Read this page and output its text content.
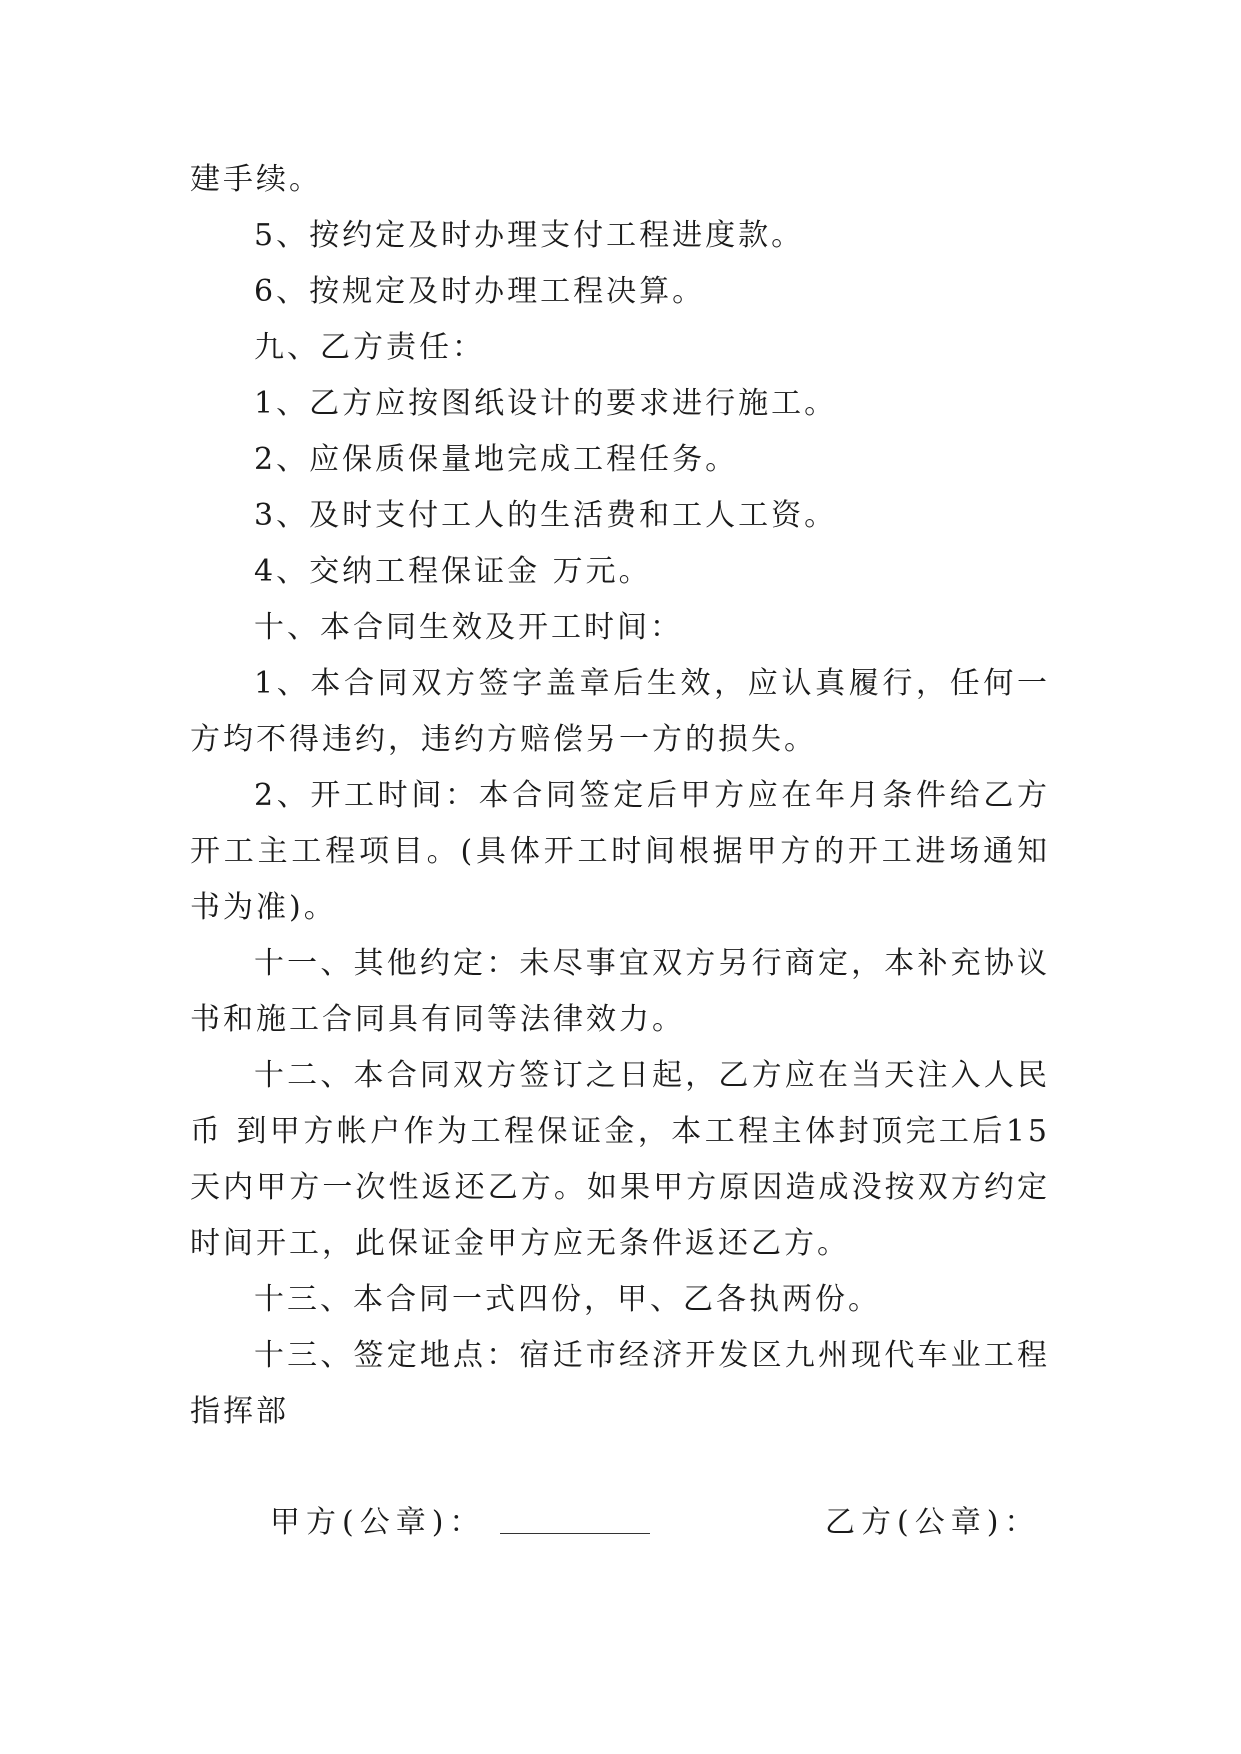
建手续。

5、按约定及时办理支付工程进度款。

6、按规定及时办理工程决算。

九、乙方责任：

1、乙方应按图纸设计的要求进行施工。

2、应保质保量地完成工程任务。

3、及时支付工人的生活费和工人工资。

4、交纳工程保证金 万元。

十、本合同生效及开工时间：

1、本合同双方签字盖章后生效，应认真履行，任何一方均不得违约，违约方赔偿另一方的损失。

2、开工时间：本合同签定后甲方应在年月条件给乙方开工主工程项目。(具体开工时间根据甲方的开工进场通知书为准)。

十一、其他约定：未尽事宜双方另行商定，本补充协议书和施工合同具有同等法律效力。

十二、本合同双方签订之日起，乙方应在当天注入人民币 到甲方帐户作为工程保证金，本工程主体封顶完工后15天内甲方一次性返还乙方。如果甲方原因造成没按双方约定时间开工，此保证金甲方应无条件返还乙方。

十三、本合同一式四份，甲、乙各执两份。

十三、签定地点：宿迁市经济开发区九州现代车业工程指挥部

甲方(公章)：	乙方(公章)：
